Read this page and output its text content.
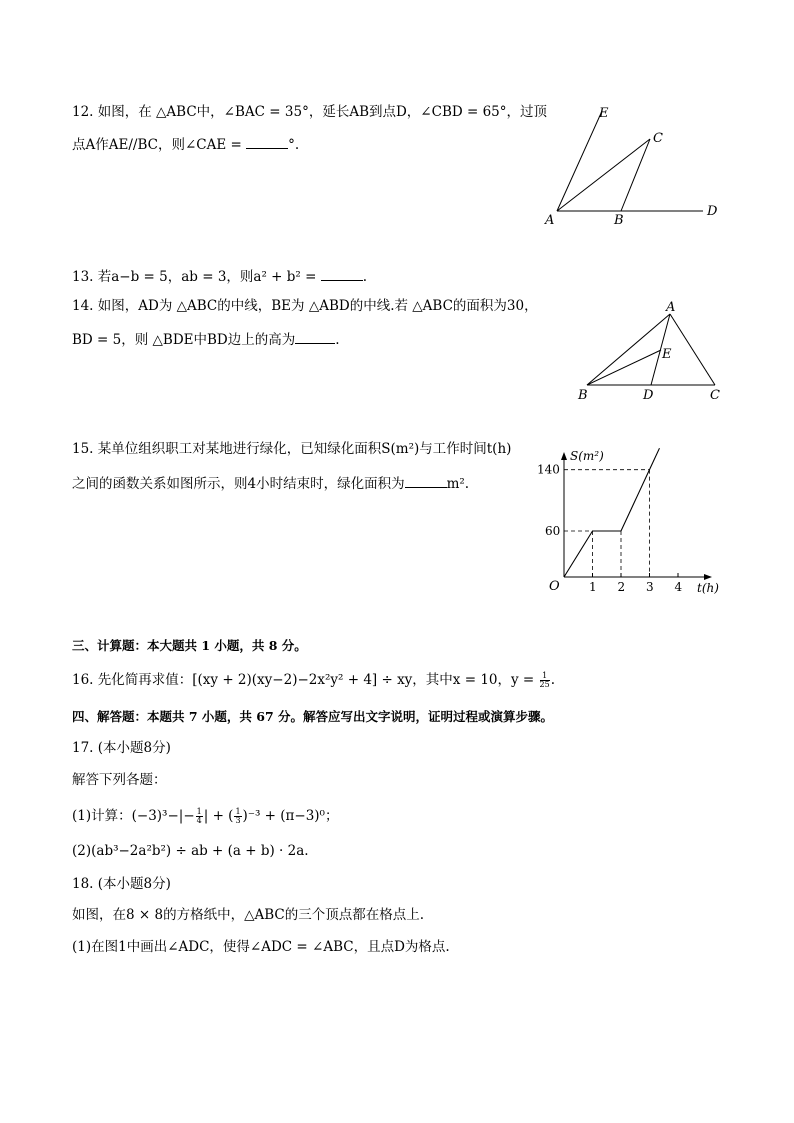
12. 如图，在 △ABC中，∠BAC = 35°，延长AB到点D，∠CBD = 65°，过顶
点A作AE//BC，则∠CAE =	°.
E
C
A	B
D
13. 若a−b = 5，ab = 3，则a² + b² =	.
14. 如图，AD为 △ABC的中线，BE为 △ABD的中线.若 △ABC的面积为30，
BD = 5，则 △BDE中BD边上的高为	.
A
E
B	D	C
15. 某单位组织职工对某地进行绿化，已知绿化面积S(m²)与工作时间t(h)
之间的函数关系如图所示，则4小时结束时，绿化面积为	m².
S(m²)
t(h)
O
140
60
1 2 3 4
三、计算题：本大题共 1 小题，共 8 分。
16. 先化简再求值：[(xy + 2)(xy−2)−2x²y² + 4] ÷ xy，其中x = 10，$y = \frac{1}{25}$ .
四、解答题：本题共 7 小题，共 67 分。解答应写出文字说明，证明过程或演算步骤。
17. (本小题8分)
解答下列各题：
(1)计算：$(-3)^3-|- \frac{1}{4}$ | + ( $\frac{1}{3} )^{-3} + (\pi-3)^0$；
(2)(ab³−2a²b²) ÷ ab + (a + b) · 2a.
18. (本小题8分)
如图，在8 × 8的方格纸中，△ABC的三个顶点都在格点上.
(1)在图1中画出∠ADC，使得∠ADC = ∠ABC，且点D为格点.
